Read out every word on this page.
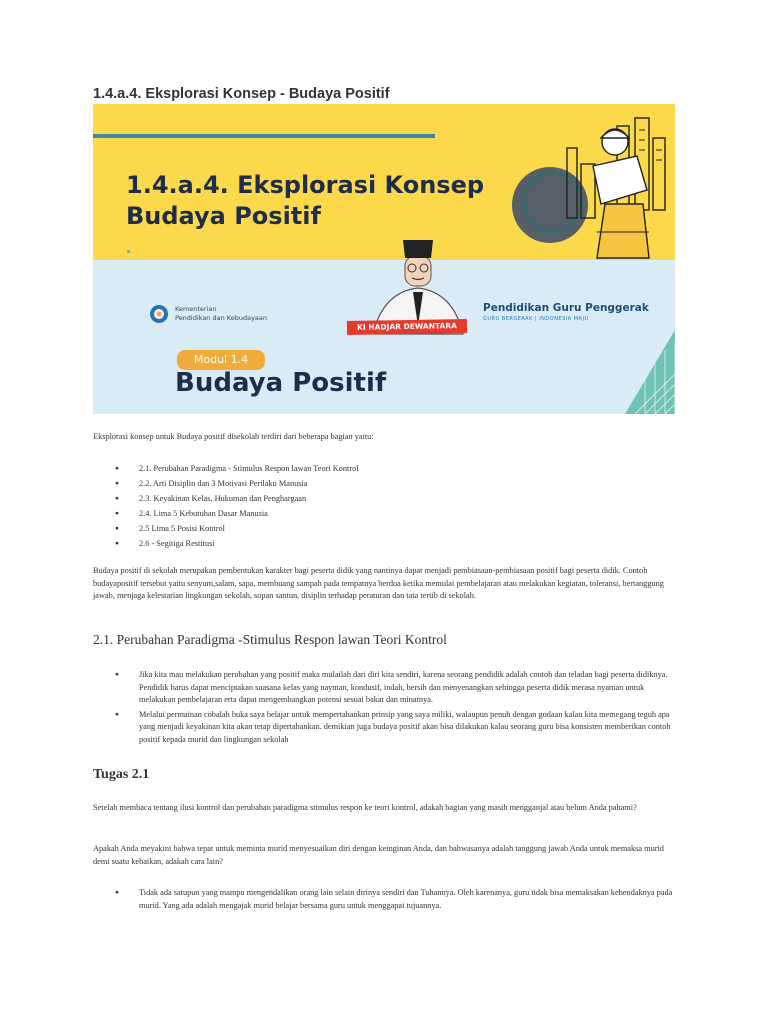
1.4.a.4. Eksplorasi Konsep - Budaya Positif
1.4.a.4. Eksplorasi Konsep
Budaya Positif
KI HADJAR DEWANTARA
Kementerian
Pendidikan dan Kebudayaan
Pendidikan Guru Penggerak
GURU BERGERAK | INDONESIA MAJU
Modul 1.4
Budaya Positif

Eksplorasi konsep untuk Budaya positif disekolah terdiri dari beberapa bagian yaitu:

● 2.1. Perubahan Paradigma - Stimulus Respon lawan Teori Kontrol
● 2.2. Arti Disiplin dan 3 Motivasi Perilaku Manusia
● 2.3. Keyakinan Kelas, Hukuman dan Penghargaan
● 2.4. Lima 5 Kebutuhan Dasar Manusia
● 2.5 Lima 5 Posisi Kontrol
● 2.6 - Segitiga Restitusi

Budaya positif di sekolah merupakan pembentukan karakter bagi peserta didik yang nantinya dapat menjadi pembiasaan-pembiasaan positif bagi peserta didik. Contoh budayapositif tersebut yaitu senyum,salam, sapa, membuang sampah pada tempatnya berdoa ketika memulai pembelajaran atau melakukan kegiatan, toleransi, bertanggung jawab, menjaga kelestarian lingkungan sekolah, sopan santun, disiplin terhadap peraturan dan tata tertib di sekolah.

2.1. Perubahan Paradigma -Stimulus Respon lawan Teori Kontrol
● Jika kita mau melakukan perubahan yang positif maka mulailah dari diri kita sendiri, karena seorang pendidik adalah contoh dan teladan bagi peserta didiknya. Pendidik harus dapat menciptakan suasana kelas yang nayman, kondusif, indah, bersih dan menyenangkan sehingga peserta didik merasa nyaman untuk melakukan pembelajaran erta dapat mengembangkan potensi sesuai bakat dan minatnya.
● Melalui permainan cobalah buka saya belajar untuk mempertahankan prinsip yang saya miliki, walaupun penuh dengan godaan kalau kita memegang teguh apa yang menjadi keyakinan kita akan tetap dipertahankan. demikian juga budaya positif akan bisa dilakukan kalau seorang guru bisa konsisten memberikan contoh positif kepada murid dan lingkungan sekolah
Tugas 2.1

Setelah membaca tentang ilusi kontrol dan perubahan paradigma stimulus respon ke teori kontrol, adakah bagian yang masih mengganjal atau belum Anda pahami?

Apakah Anda meyakini bahwa tepat untuk meminta murid menyesuaikan diri dengan keinginan Anda, dan bahwasanya adalah tanggung jawab Anda untuk memaksa murid demi suatu kebaikan, adakah cara lain?

● Tidak ada satupun yang mampu mengendalikan orang lain selain dirinya sendiri dan Tuhannya. Oleh karenanya, guru tidak bisa memaksakan kehendaknya pada murid. Yang ada adalah mengajak murid belajar bersama guru untuk menggapai tujuannya.
